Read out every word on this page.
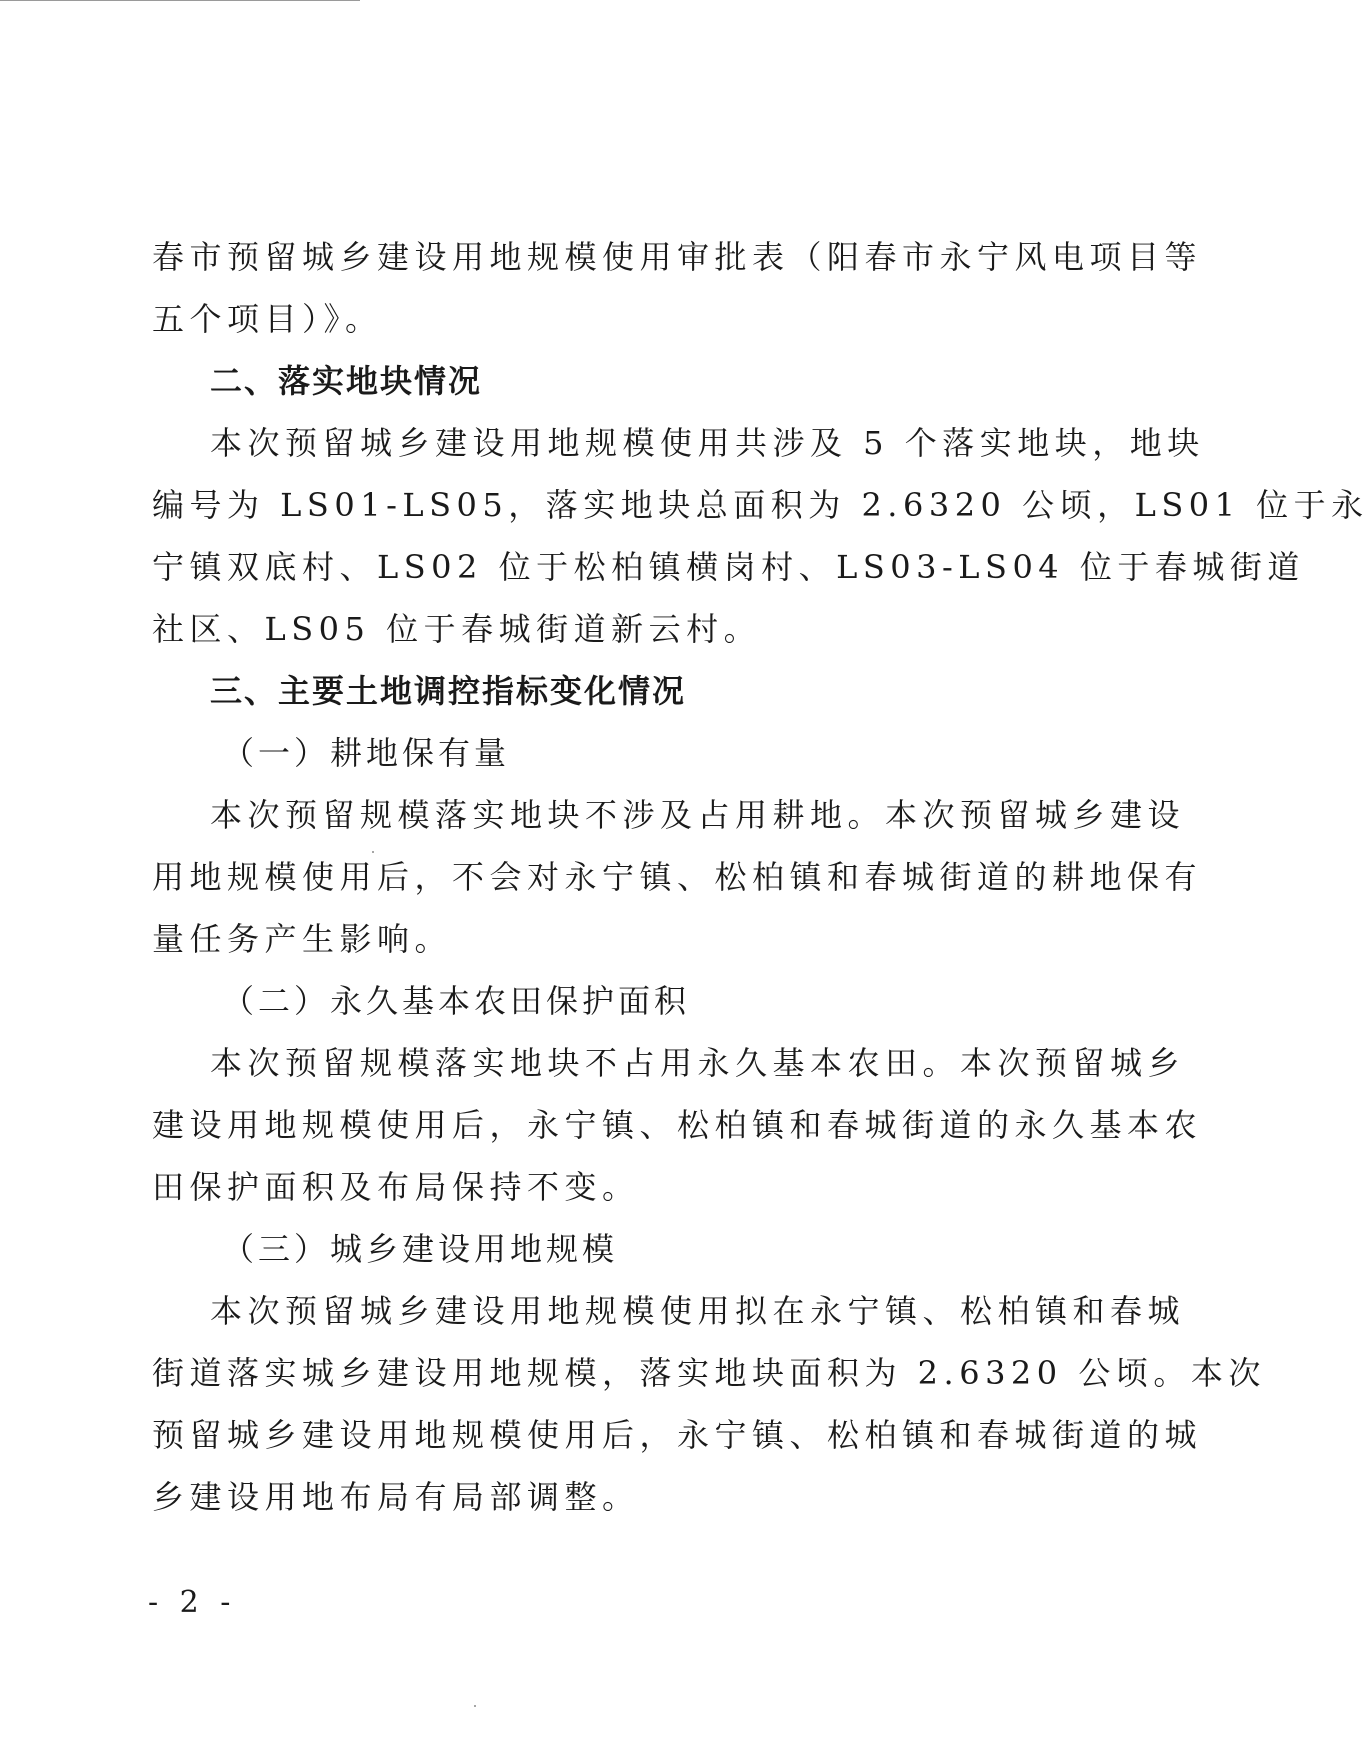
春市预留城乡建设用地规模使用审批表（阳春市永宁风电项目等
五个项目）》。
二、落实地块情况
本次预留城乡建设用地规模使用共涉及 5 个落实地块，地块
编号为 LS01-LS05，落实地块总面积为 2.6320 公顷，LS01 位于永
宁镇双底村、LS02 位于松柏镇横岗村、LS03-LS04 位于春城街道
社区、LS05 位于春城街道新云村。
三、主要土地调控指标变化情况
（一）耕地保有量
本次预留规模落实地块不涉及占用耕地。本次预留城乡建设
用地规模使用后，不会对永宁镇、松柏镇和春城街道的耕地保有
量任务产生影响。
（二）永久基本农田保护面积
本次预留规模落实地块不占用永久基本农田。本次预留城乡
建设用地规模使用后，永宁镇、松柏镇和春城街道的永久基本农
田保护面积及布局保持不变。
（三）城乡建设用地规模
本次预留城乡建设用地规模使用拟在永宁镇、松柏镇和春城
街道落实城乡建设用地规模，落实地块面积为 2.6320 公顷。本次
预留城乡建设用地规模使用后，永宁镇、松柏镇和春城街道的城
乡建设用地布局有局部调整。
- 2 -
